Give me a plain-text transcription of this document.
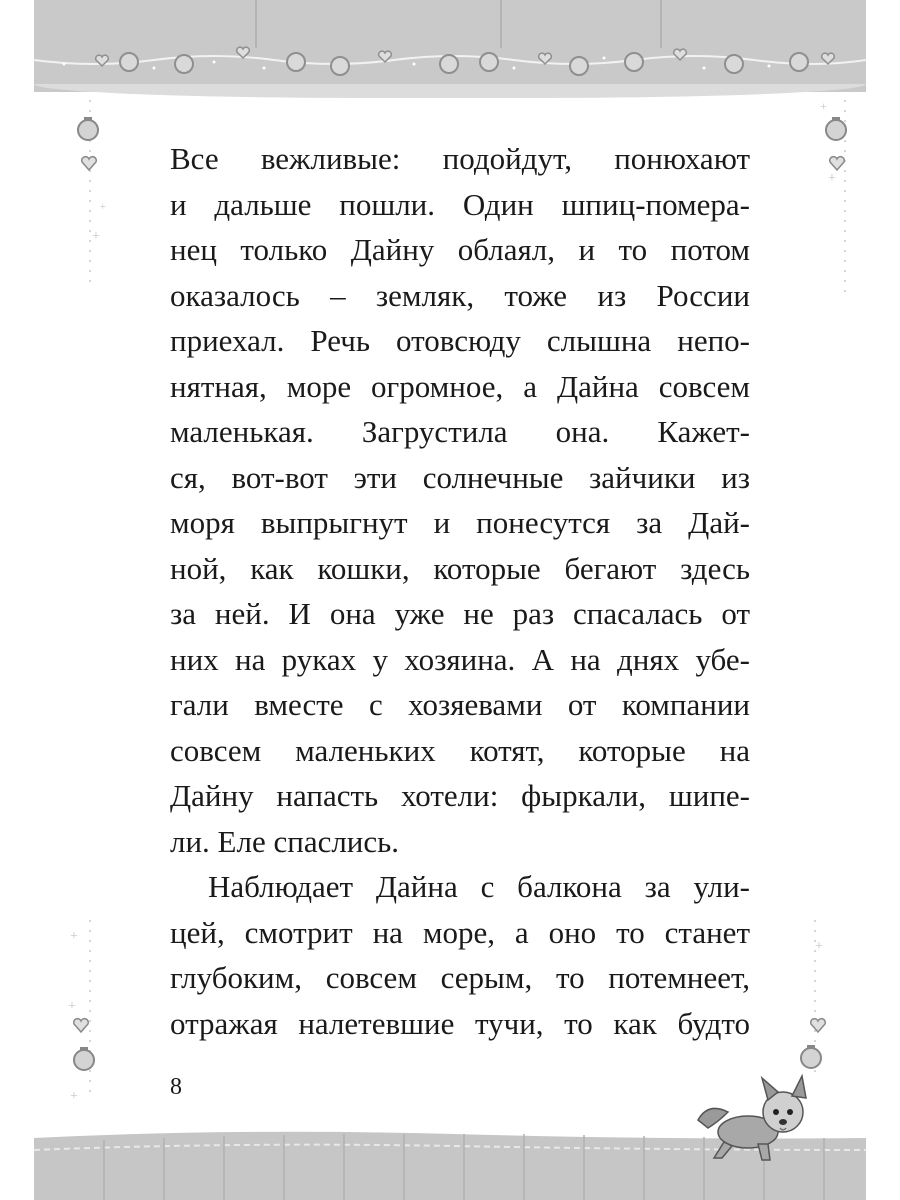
+
+
+
+
+
+
+
+

Все вежливые: подойдут, понюхают
и дальше пошли. Один шпиц-помера-
нец только Дайну облаял, и то потом
оказалось – земляк, тоже из России
приехал. Речь отовсюду слышна непо-
нятная, море огромное, а Дайна совсем
маленькая. Загрустила она. Кажет-
ся, вот-вот эти солнечные зайчики из
моря выпрыгнут и понесутся за Дай-
ной, как кошки, которые бегают здесь
за ней. И она уже не раз спасалась от
них на руках у хозяина. А на днях убе-
гали вместе с хозяевами от компании
совсем маленьких котят, которые на
Дайну напасть хотели: фыркали, шипе-
ли. Еле спаслись.

Наблюдает Дайна с балкона за ули-
цей, смотрит на море, а оно то станет
глубоким, совсем серым, то потемнеет,
отражая налетевшие тучи, то как будто

8
